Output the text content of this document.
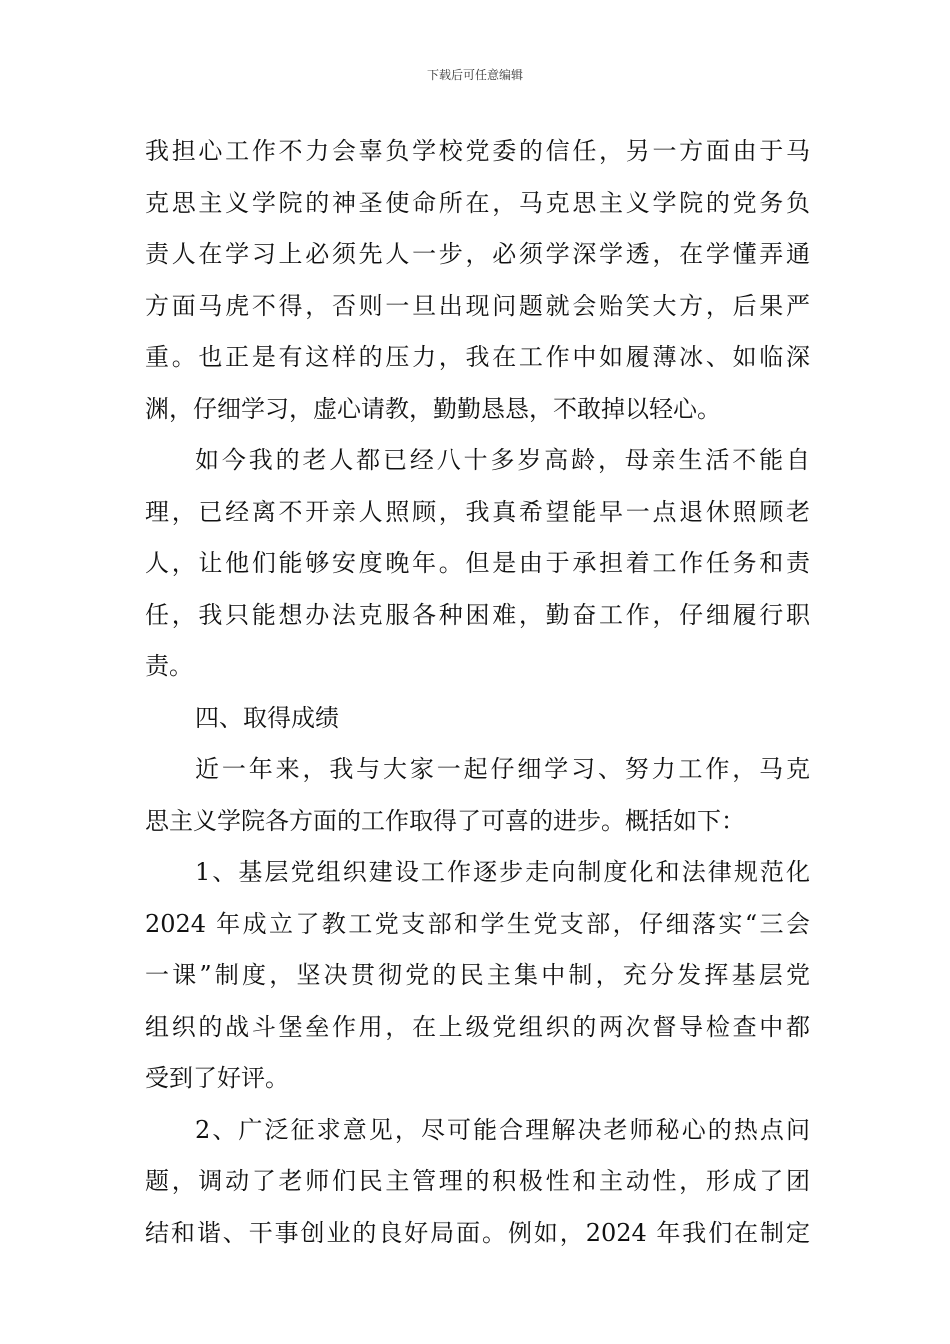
下载后可任意编辑
我担心工作不力会辜负学校党委的信任，另一方面由于马
克思主义学院的神圣使命所在，马克思主义学院的党务负
责人在学习上必须先人一步，必须学深学透，在学懂弄通
方面马虎不得，否则一旦出现问题就会贻笑大方，后果严
重。也正是有这样的压力，我在工作中如履薄冰、如临深
渊，仔细学习，虚心请教，勤勤恳恳，不敢掉以轻心。
如今我的老人都已经八十多岁高龄，母亲生活不能自
理，已经离不开亲人照顾，我真希望能早一点退休照顾老
人，让他们能够安度晚年。但是由于承担着工作任务和责
任，我只能想办法克服各种困难，勤奋工作，仔细履行职
责。
四、取得成绩
近一年来，我与大家一起仔细学习、努力工作，马克
思主义学院各方面的工作取得了可喜的进步。概括如下：
1、基层党组织建设工作逐步走向制度化和法律规范化
2024 年成立了教工党支部和学生党支部，仔细落实“三会
一课”制度，坚决贯彻党的民主集中制，充分发挥基层党
组织的战斗堡垒作用，在上级党组织的两次督导检查中都
受到了好评。
2、广泛征求意见，尽可能合理解决老师秘心的热点问
题，调动了老师们民主管理的积极性和主动性，形成了团
结和谐、干事创业的良好局面。例如，2024 年我们在制定
